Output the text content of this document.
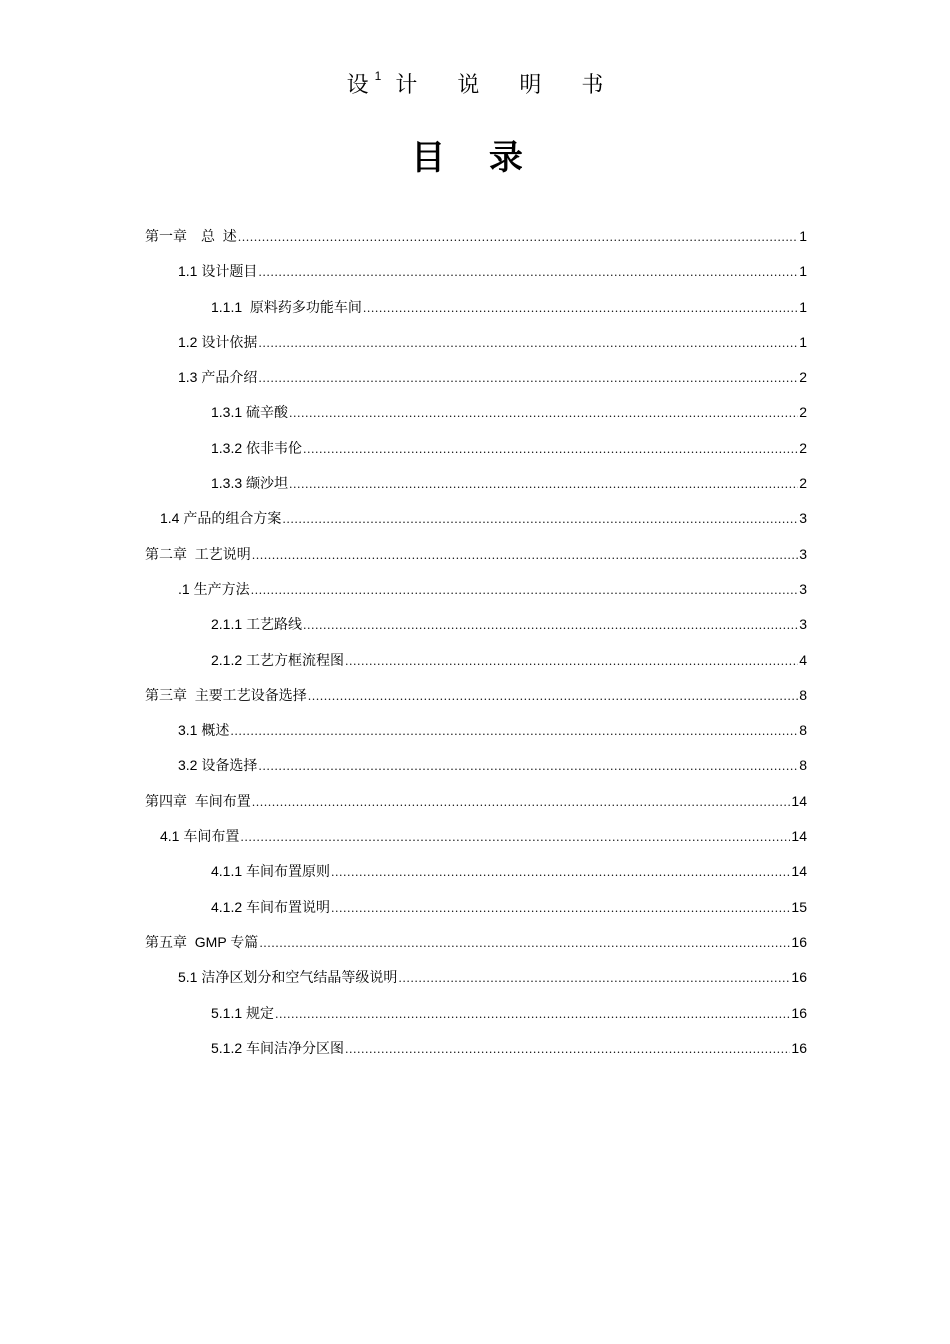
设 $^1$ 计 说 明 书
目 录
第一章　总  述 .....	1
1.1 设计题目 .....	1
1.1.1  原料药多功能车间 .....	1
1.2 设计依据 .....	1
1.3 产品介绍 .....	2
1.3.1 硫辛酸 .....	2
1.3.2 依非韦伦 .....	2
1.3.3 缬沙坦 .....	2
1.4 产品的组合方案 .....	3
第二章  工艺说明 .....	3
.1 生产方法 .....	3
2.1.1 工艺路线 .....	3
2.1.2 工艺方框流程图 .....	4
第三章  主要工艺设备选择 .....	8
3.1 概述 .....	8
3.2 设备选择 .....	8
第四章  车间布置 .....	14
4.1 车间布置 .....	14
4.1.1 车间布置原则 .....	14
4.1.2 车间布置说明 .....	15
第五章  GMP 专篇 .....	16
5.1 洁净区划分和空气结晶等级说明 .....	16
5.1.1 规定 .....	16
5.1.2 车间洁净分区图 .....	16
